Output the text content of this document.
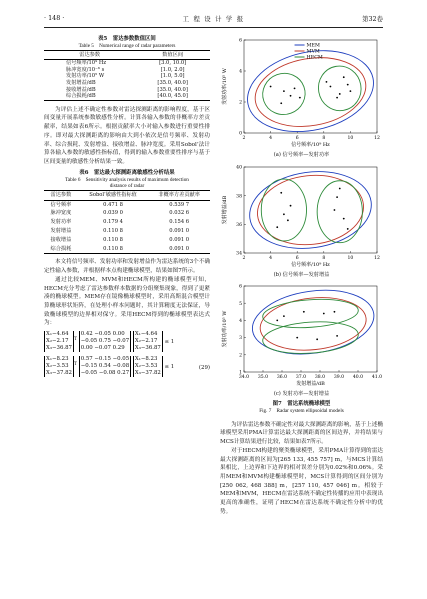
· 148 ·	工 程 设 计 学 报	第32卷
表5　雷达参数数值区间
Table 5　Numerical range of radar parameters
雷达参数	数值区间
信号频率/10⁹ Hz	[3.0, 10.0]
脉冲宽度/10⁻⁶ s	[1.0, 2.0]
发射功率/10⁵ W	[1.0, 5.0]
发射增益/dB	[35.0, 40.0]
接收增益/dB	[35.0, 40.0]
综合损耗/dB	[40.0, 45.0]

为评估上述不确定性参数对雷达探测距离的影响程度，基于区间变量开展系统参数敏感性分析。计算各输入参数的非概率方差贡献率，结果如表6所示。根据贡献率大小对输入参数进行重要性排序。即对最大探测距离的影响由大到小依次是信号频率、发射功率、综合损耗、发射增益、接收增益、脉冲宽度。采用Sobol’法计算各输入参数的敏感性指标值，得到的输入参数重要性排序与基于区间变量的敏感性分析结果一致。

表6　雷达最大探测距离敏感性分析结果
Table 6　Sensitivity analysis results of maximum detection
distance of radar
雷达参数	Sobol’敏感性指标值	非概率方差贡献率
信号频率	0.471 8	0.539 7
脉冲宽度	0.039 0	0.032 6
发射功率	0.179 4	0.154 6
发射增益	0.110 8	0.091 0
接收增益	0.110 8	0.091 0
综合损耗	0.110 8	0.091 0

本文将信号频率、发射功率和发射增益作为雷达系统的3个不确定性输入参数，并根据样本点构建椭球模型，结果如图7所示。

通过比较MEM、MVM和HECM所构建的椭球模型可知，HECM充分考虑了雷达参数样本数据的分组聚集现象，得到了更紧凑的椭球模型。MEM存在镜像椭球模型时，采用高斯混合模型计算椭球形状矩阵，在处理小样本问题时，其计算精度无法保证，导致椭球模型的边界相对保守。采用HECM得到的椭球模型表达式为：

X₁−4.64
X₂−2.17
X₃−36.87
$^T$
0.42 −0.05 0.00
−0.05 0.75 −0.07
0.00 −0.07 0.29

X₁−4.64
X₂−2.17
X₃−36.87
≤ 1
X₁−8.23
X₂−3.53
X₃−37.82
$^T$
0.57 −0.15 −0.05
−0.15 0.54 −0.08
−0.05 −0.08 0.27

X₁−8.23
X₂−3.53
X₃−37.82
≤ 1	(29)
2	4	6	8	10	12
0
2
4
6
信号频率/10⁹ Hz
发射功率/10⁵ W
MEM
MVM
HECM
(a) 信号频率—发射功率
2	4	6	8	10	12
34
36
38
40
信号频率/10⁹ Hz
发射增益/dB
(b) 信号频率—发射增益
34.0 35.0 36.0 37.0 38.0 39.0 40.0 41.0
1
2
3
4
5
6
发射增益/dB
发射功率/10⁵ W
(c) 发射功率—发射增益
图7　雷达系统椭球模型
Fig. 7　Radar system ellipsoidal models

为评估雷达参数不确定性对最大探测距离的影响，基于上述椭球模型采用PMA计算雷达最大探测距离的区间边界，并将结果与MCS计算结果进行比较，结果如表7所示。

对于HECM构建的聚类椭球模型，采用PMA计算得到的雷达最大探测距离的区间为[265 133, 455 757] m，与MCS计算结果相比，上边界和下边界的相对误差分别为0.02%和0.06%。采用MEM和MVM构建椭球模型时，MCS计算得到的区间分别为[250 062, 468 388] m，[257 110, 457 046] m。相较于MEM和MVM，HECM在雷达系统不确定性传播的应用中表现出更高的准确性，证明了HECM在雷达系统不确定性分析中的优势。
